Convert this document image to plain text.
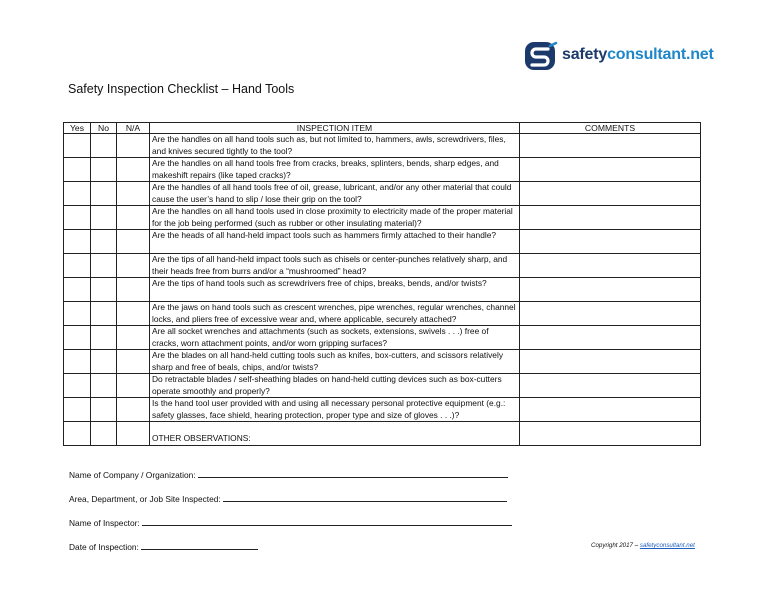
safetyconsultant.net
Safety Inspection Checklist – Hand Tools
Yes	No	N/A	INSPECTION ITEM	COMMENTS

			Are the handles on all hand tools such as, but not limited to, hammers, awls, screwdrivers, files, and knives secured tightly to the tool?	

			Are the handles on all hand tools free from cracks, breaks, splinters, bends, sharp edges, and makeshift repairs (like taped cracks)?	

			Are the handles of all hand tools free of oil, grease, lubricant, and/or any other material that could cause the user’s hand to slip / lose their grip on the tool?	

			Are the handles on all hand tools used in close proximity to electricity made of the proper material for the job being performed (such as rubber or other insulating material)?	

			Are the heads of all hand-held impact tools such as hammers firmly attached to their handle?	

			Are the tips of all hand-held impact tools such as chisels or center-punches relatively sharp, and their heads free from burrs and/or a “mushroomed” head?	

			Are the tips of hand tools such as screwdrivers free of chips, breaks, bends, and/or twists?	

			Are the jaws on hand tools such as crescent wrenches, pipe wrenches, regular wrenches, channel locks, and pliers free of excessive wear and, where applicable, securely attached?	

			Are all socket wrenches and attachments (such as sockets, extensions, swivels . . .) free of cracks, worn attachment points, and/or worn gripping surfaces?	

			Are the blades on all hand-held cutting tools such as knifes, box-cutters, and scissors relatively sharp and free of beals, chips, and/or twists?	

			Do retractable blades / self-sheathing blades on hand-held cutting devices such as box-cutters operate smoothly and properly?	

			Is the hand tool user provided with and using all necessary personal protective equipment (e.g.: safety glasses, face shield, hearing protection, proper type and size of gloves . . .)?	

			OTHER OBSERVATIONS:	

Name of Company / Organization:
Area, Department, or Job Site Inspected:
Name of Inspector:
Date of Inspection:	Copyright 2017 – safetyconsultant.net
